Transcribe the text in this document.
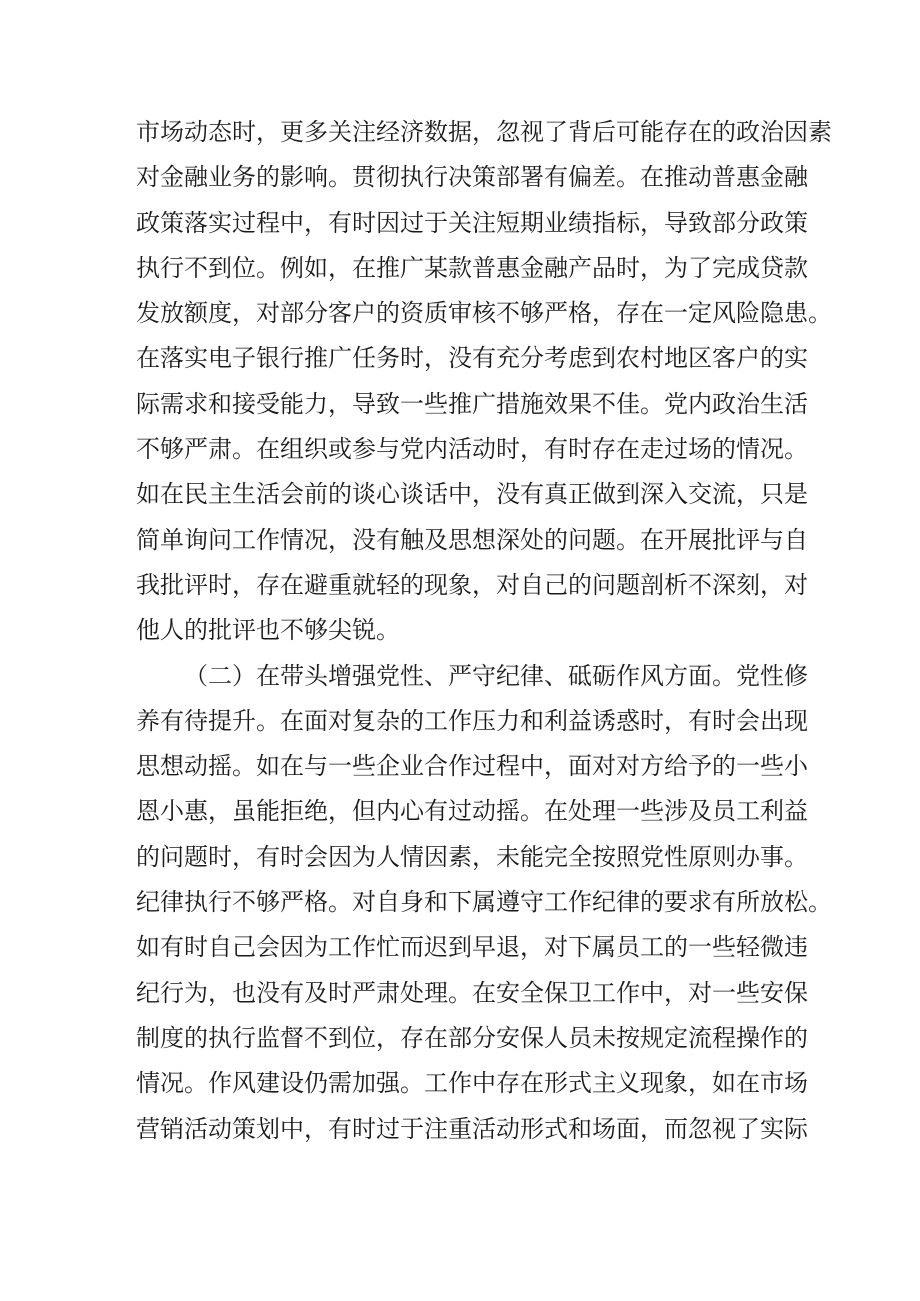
市场动态时，更多关注经济数据，忽视了背后可能存在的政治因素
对金融业务的影响。贯彻执行决策部署有偏差。在推动普惠金融
政策落实过程中，有时因过于关注短期业绩指标，导致部分政策
执行不到位。例如，在推广某款普惠金融产品时，为了完成贷款
发放额度，对部分客户的资质审核不够严格，存在一定风险隐患。
在落实电子银行推广任务时，没有充分考虑到农村地区客户的实
际需求和接受能力，导致一些推广措施效果不佳。党内政治生活
不够严肃。在组织或参与党内活动时，有时存在走过场的情况。
如在民主生活会前的谈心谈话中，没有真正做到深入交流，只是
简单询问工作情况，没有触及思想深处的问题。在开展批评与自
我批评时，存在避重就轻的现象，对自己的问题剖析不深刻，对
他人的批评也不够尖锐。
（二）在带头增强党性、严守纪律、砥砺作风方面。党性修
养有待提升。在面对复杂的工作压力和利益诱惑时，有时会出现
思想动摇。如在与一些企业合作过程中，面对对方给予的一些小
恩小惠，虽能拒绝，但内心有过动摇。在处理一些涉及员工利益
的问题时，有时会因为人情因素，未能完全按照党性原则办事。
纪律执行不够严格。对自身和下属遵守工作纪律的要求有所放松。
如有时自己会因为工作忙而迟到早退，对下属员工的一些轻微违
纪行为，也没有及时严肃处理。在安全保卫工作中，对一些安保
制度的执行监督不到位，存在部分安保人员未按规定流程操作的
情况。作风建设仍需加强。工作中存在形式主义现象，如在市场
营销活动策划中，有时过于注重活动形式和场面，而忽视了实际
